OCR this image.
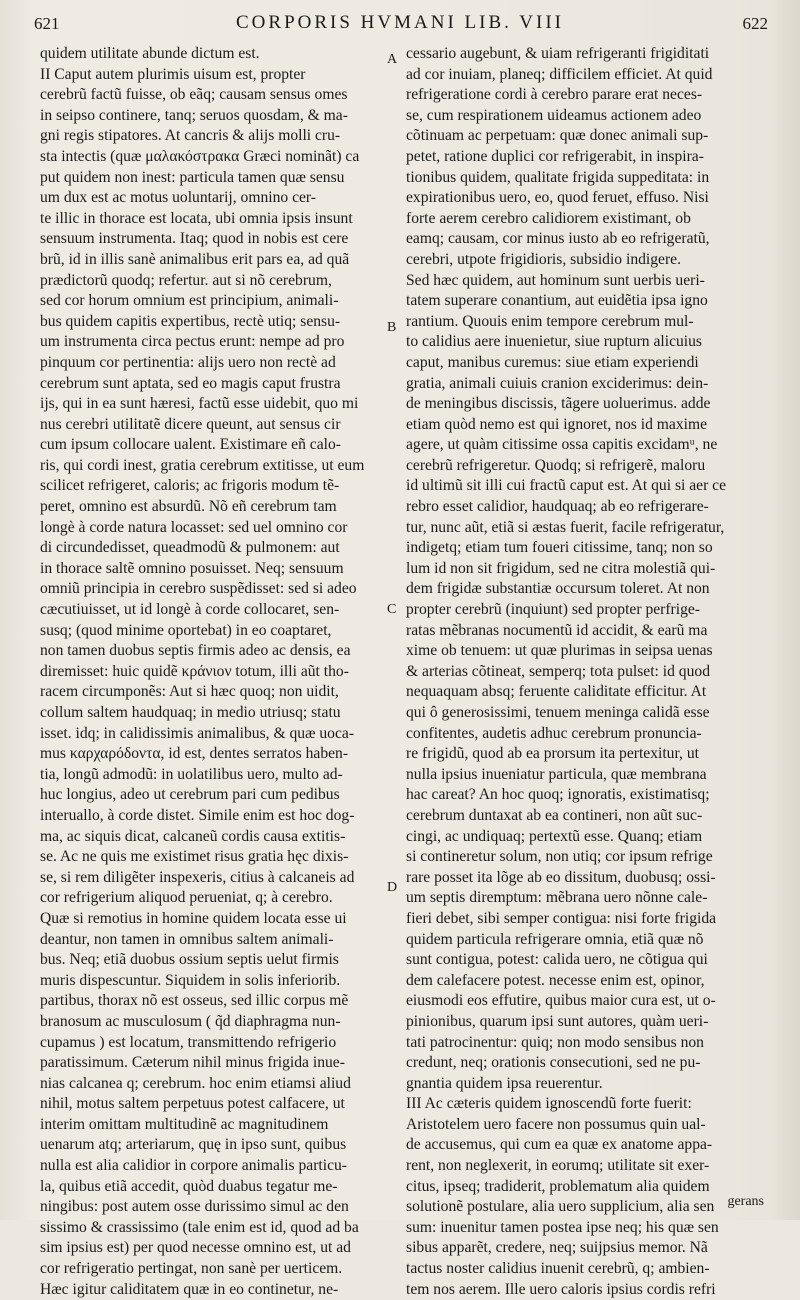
621	CORPORIS HVMANI LIB. VIII	622
quidem utilitate abunde dictum est.
II Caput autem plurimis uisum est, propter
cerebrũ factũ fuisse, ob eãq; causam sensus omes
in seipso continere, tanq; seruos quosdam, & ma-
gni regis stipatores. At cancris & alijs molli cru-
sta intectis (quæ μαλακόστρακα Græci nominãt) ca
put quidem non inest: particula tamen quæ sensu
um dux est ac motus uoluntarij, omnino cer-
te illic in thorace est locata, ubi omnia ipsis insunt
sensuum instrumenta. Itaq; quod in nobis est cere
brũ, id in illis sanè animalibus erit pars ea, ad quã
prædictorũ quodq; refertur. aut si nõ cerebrum,
sed cor horum omnium est principium, animali-
bus quidem capitis expertibus, rectè utiq; sensu-
um instrumenta circa pectus erunt: nempe ad pro
pinquum cor pertinentia: alijs uero non rectè ad
cerebrum sunt aptata, sed eo magis caput frustra
ijs, qui in ea sunt hæresi, factũ esse uidebit, quo mi
nus cerebri utilitatẽ dicere queunt, aut sensus cir
cum ipsum collocare ualent. Existimare eñ calo-
ris, qui cordi inest, gratia cerebrum extitisse, ut eum
scilicet refrigeret, caloris; ac frigoris modum tẽ-
peret, omnino est absurdũ. Nõ eñ cerebrum tam
longè à corde natura locasset: sed uel omnino cor
di circundedisset, queadmodũ & pulmonem: aut
in thorace saltẽ omnino posuisset. Neq; sensuum
omniũ principia in cerebro suspẽdisset: sed si adeo
cæcutiuisset, ut id longè à corde collocaret, sen-
susq; (quod minime oportebat) in eo coaptaret,
non tamen duobus septis firmis adeo ac densis, ea
diremisset: huic quidẽ κράνιον totum, illi aũt tho-
racem circumponẽs: Aut si hæc quoq; non uidit,
collum saltem haudquaq; in medio utriusq; statu
isset. idq; in calidissimis animalibus, & quæ uoca-
mus καρχαρόδοντα, id est, dentes serratos haben-
tia, longũ admodũ: in uolatilibus uero, multo ad-
huc longius, adeo ut cerebrum pari cum pedibus
interuallo, à corde distet. Simile enim est hoc dog-
ma, ac siquis dicat, calcaneũ cordis causa extitis-
se. Ac ne quis me existimet risus gratia hęc dixis-
se, si rem diligẽter inspexeris, citius à calcaneis ad
cor refrigerium aliquod perueniat, q; à cerebro.
Quæ si remotius in homine quidem locata esse ui
deantur, non tamen in omnibus saltem animali-
bus. Neq; etiã duobus ossium septis uelut firmis
muris dispescuntur. Siquidem in solis inferiorib.
partibus, thorax nõ est osseus, sed illic corpus mẽ
branosum ac musculosum ( q̃d diaphragma nun-
cupamus ) est locatum, transmittendo refrigerio
paratissimum. Cæterum nihil minus frigida inue-
nias calcanea q; cerebrum. hoc enim etiamsi aliud
nihil, motus saltem perpetuus potest calfacere, ut
interim omittam multitudinẽ ac magnitudinem
uenarum atq; arteriarum, quę in ipso sunt, quibus
nulla est alia calidior in corpore animalis particu-
la, quibus etiã accedit, quòd duabus tegatur me-
ningibus: post autem osse durissimo simul ac den
sissimo & crassissimo (tale enim est id, quod ad ba
sim ipsius est) per quod necesse omnino est, ut ad
cor refrigeratio pertingat, non sanè per uerticem.
Hæc igitur caliditatem quæ in eo continetur, ne-
A
B
C
D
cessario augebunt, & uiam refrigeranti frigiditati
ad cor inuiam, planeq; difficilem efficiet. At quid
refrigeratione cordi à cerebro parare erat neces-
se, cum respirationem uideamus actionem adeo
cõtinuam ac perpetuam: quæ donec animali sup-
petet, ratione duplici cor refrigerabit, in inspira-
tionibus quidem, qualitate frigida suppeditata: in
expirationibus uero, eo, quod feruet, effuso. Nisi
forte aerem cerebro calidiorem existimant, ob
eamq; causam, cor minus iusto ab eo refrigeratũ,
cerebri, utpote frigidioris, subsidio indigere.
Sed hæc quidem, aut hominum sunt uerbis ueri-
tatem superare conantium, aut euidẽtia ipsa igno
rantium. Quouis enim tempore cerebrum mul-
to calidius aere inuenietur, siue rupturn alicuius
caput, manibus curemus: siue etiam experiendi
gratia, animali cuiuis cranion exciderimus: dein-
de meningibus discissis, tãgere uoluerimus. adde
etiam quòd nemo est qui ignoret, nos id maxime
agere, ut quàm citissime ossa capitis excidamᵘ, ne
cerebrũ refrigeretur. Quodq; si refrigerẽ, maloru
id ultimũ sit illi cui fractũ caput est. At qui si aer ce
rebro esset calidior, haudquaq; ab eo refrigerare-
tur, nunc aũt, etiã si æstas fuerit, facile refrigeratur,
indigetq; etiam tum foueri citissime, tanq; non so
lum id non sit frigidum, sed ne citra molestiã qui-
dem frigidæ substantiæ occursum toleret. At non
propter cerebrũ (inquiunt) sed propter perfrige-
ratas mẽbranas nocumentũ id accidit, & earũ ma
xime ob tenuem: ut quæ plurimas in seipsa uenas
& arterias cõtineat, semperq; tota pulset: id quod
nequaquam absq; feruente caliditate efficitur. At
qui ô generosissimi, tenuem meninga calidã esse
confitentes, audetis adhuc cerebrum pronuncia-
re frigidũ, quod ab ea prorsum ita pertexitur, ut
nulla ipsius inueniatur particula, quæ membrana
hac careat? An hoc quoq; ignoratis, existimatisq;
cerebrum duntaxat ab ea contineri, non aũt suc-
cingi, ac undiquaq; pertextũ esse. Quanq; etiam
si contineretur solum, non utiq; cor ipsum refrige
rare posset ita lõge ab eo dissitum, duobusq; ossi-
um septis diremptum: mẽbrana uero nõnne cale-
fieri debet, sibi semper contigua: nisi forte frigida
quidem particula refrigerare omnia, etiã quæ nõ
sunt contigua, potest: calida uero, ne cõtigua qui
dem calefacere potest. necesse enim est, opinor,
eiusmodi eos effutire, quibus maior cura est, ut o-
pinionibus, quarum ipsi sunt autores, quàm ueri-
tati patrocinentur: quiq; non modo sensibus non
credunt, neq; orationis consecutioni, sed ne pu-
gnantia quidem ipsa reuerentur.
III Ac cæteris quidem ignoscendũ forte fuerit:
Aristotelem uero facere non possumus quin ual-
de accusemus, qui cum ea quæ ex anatome appa-
rent, non neglexerit, in eorumq; utilitate sit exer-
citus, ipseq; tradiderit, problematum alia quidem
solutionẽ postulare, alia uero supplicium, alia sen
sum: inuenitur tamen postea ipse neq; his quæ sen
sibus apparẽt, credere, neq; suijpsius memor. Nã
tactus noster calidius inuenit cerebrũ, q; ambien-
tem nos aerem. Ille uero caloris ipsius cordis refri
gerans
